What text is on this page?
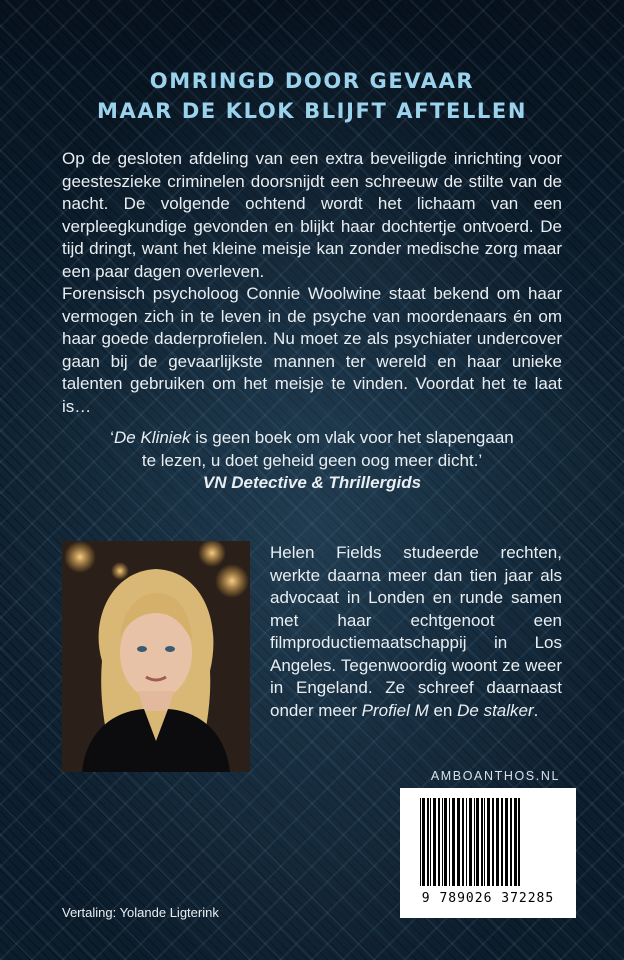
OMRINGD DOOR GEVAAR
MAAR DE KLOK BLIJFT AFTELLEN

Op de gesloten afdeling van een extra beveiligde inrichting voor geesteszieke criminelen doorsnijdt een schreeuw de stilte van de nacht. De volgende ochtend wordt het lichaam van een verpleegkundige gevonden en blijkt haar dochtertje ontvoerd. De tijd dringt, want het kleine meisje kan zonder medische zorg maar een paar dagen overleven.

Forensisch psycholoog Connie Woolwine staat bekend om haar vermogen zich in te leven in de psyche van moordenaars én om haar goede daderprofielen. Nu moet ze als psychiater undercover gaan bij de gevaarlijkste mannen ter wereld en haar unieke talenten gebruiken om het meisje te vinden. Voordat het te laat is…

‘De Kliniek is geen boek om vlak voor het slapengaan
te lezen, u doet geheid geen oog meer dicht.’
VN Detective & Thrillergids
Helen Fields studeerde rechten, werkte daarna meer dan tien jaar als advocaat in Londen en runde samen met haar echtgenoot een filmproductiemaatschappij in Los Angeles. Tegenwoordig woont ze weer in Engeland. Ze schreef daarnaast onder meer Profiel M en De stalker.
AMBOANTHOS.NL
9 789026 372285
Vertaling: Yolande Ligterink
